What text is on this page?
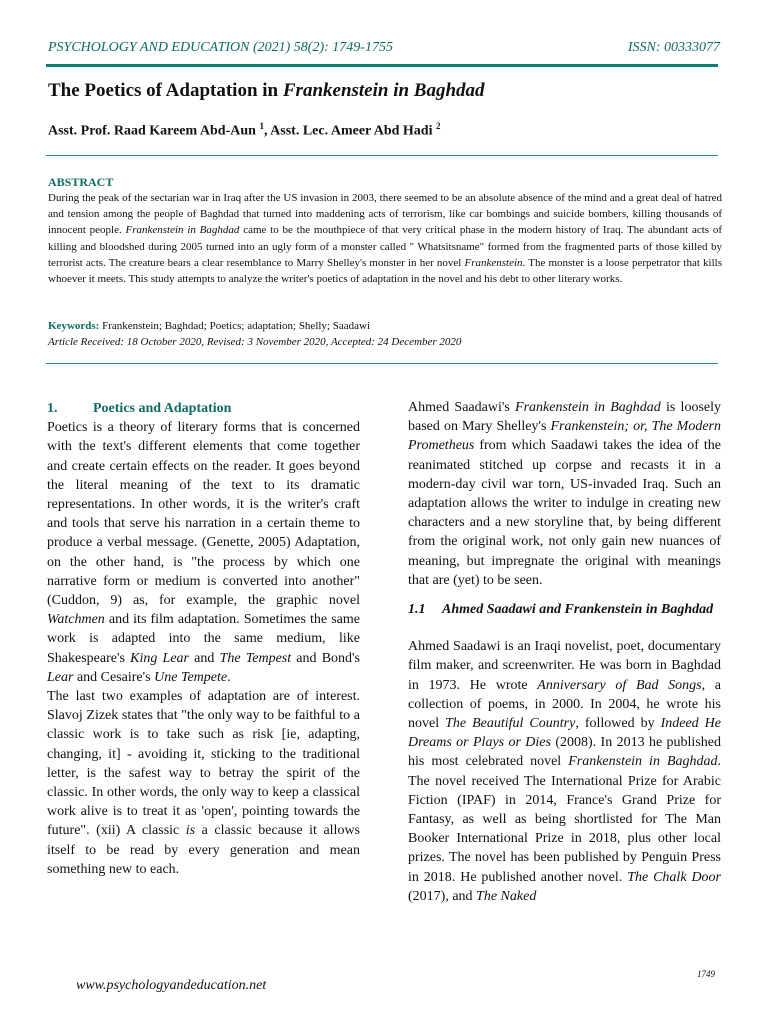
PSYCHOLOGY AND EDUCATION (2021) 58(2): 1749-1755	ISSN: 00333077
The Poetics of Adaptation in Frankenstein in Baghdad
Asst. Prof. Raad Kareem Abd-Aun $^1$, Asst. Lec. Ameer Abd Hadi $^2$
ABSTRACT
During the peak of the sectarian war in Iraq after the US invasion in 2003, there seemed to be an absolute absence of the mind and a great deal of hatred and tension among the people of Baghdad that turned into maddening acts of terrorism, like car bombings and suicide bombers, killing thousands of innocent people. Frankenstein in Baghdad came to be the mouthpiece of that very critical phase in the modern history of Iraq. The abundant acts of killing and bloodshed during 2005 turned into an ugly form of a monster called " Whatsitsname" formed from the fragmented parts of those killed by terrorist acts. The creature bears a clear resemblance to Marry Shelley's monster in her novel Frankenstein. The monster is a loose perpetrator that kills whoever it meets. This study attempts to analyze the writer's poetics of adaptation in the novel and his debt to other literary works.
Keywords: Frankenstein; Baghdad; Poetics; adaptation; Shelly; Saadawi
Article Received: 18 October 2020, Revised: 3 November 2020, Accepted: 24 December 2020

1.	Poetics and Adaptation

Poetics is a theory of literary forms that is concerned with the text's different elements that come together and create certain effects on the reader. It goes beyond the literal meaning of the text to its dramatic representations. In other words, it is the writer's craft and tools that serve his narration in a certain theme to produce a verbal message. (Genette, 2005) Adaptation, on the other hand, is "the process by which one narrative form or medium is converted into another" (Cuddon, 9) as, for example, the graphic novel Watchmen and its film adaptation. Sometimes the same work is adapted into the same medium, like Shakespeare's King Lear and The Tempest and Bond's Lear and Cesaire's Une Tempete.

The last two examples of adaptation are of interest. Slavoj Zizek states that "the only way to be faithful to a classic work is to take such as risk [ie, adapting, changing, it] - avoiding it, sticking to the traditional letter, is the safest way to betray the spirit of the classic. In other words, the only way to keep a classical work alive is to treat it as 'open', pointing towards the future". (xii) A classic is a classic because it allows itself to be read by every generation and mean something new to each.

Ahmed Saadawi's Frankenstein in Baghdad is loosely based on Mary Shelley's Frankenstein; or, The Modern Prometheus from which Saadawi takes the idea of the reanimated stitched up corpse and recasts it in a modern-day civil war torn, US-invaded Iraq. Such an adaptation allows the writer to indulge in creating new characters and a new storyline that, by being different from the original work, not only gain new nuances of meaning, but impregnate the original with meanings that are (yet) to be seen.

1.1	Ahmed Saadawi and Frankenstein in Baghdad

Ahmed Saadawi is an Iraqi novelist, poet, documentary film maker, and screenwriter. He was born in Baghdad in 1973. He wrote Anniversary of Bad Songs, a collection of poems, in 2000. In 2004, he wrote his novel The Beautiful Country, followed by Indeed He Dreams or Plays or Dies (2008). In 2013 he published his most celebrated novel Frankenstein in Baghdad. The novel received The International Prize for Arabic Fiction (IPAF) in 2014, France's Grand Prize for Fantasy, as well as being shortlisted for The Man Booker International Prize in 2018, plus other local prizes. The novel has been published by Penguin Press in 2018. He published another novel. The Chalk Door (2017), and The Naked

1749
www.psychologyandeducation.net
